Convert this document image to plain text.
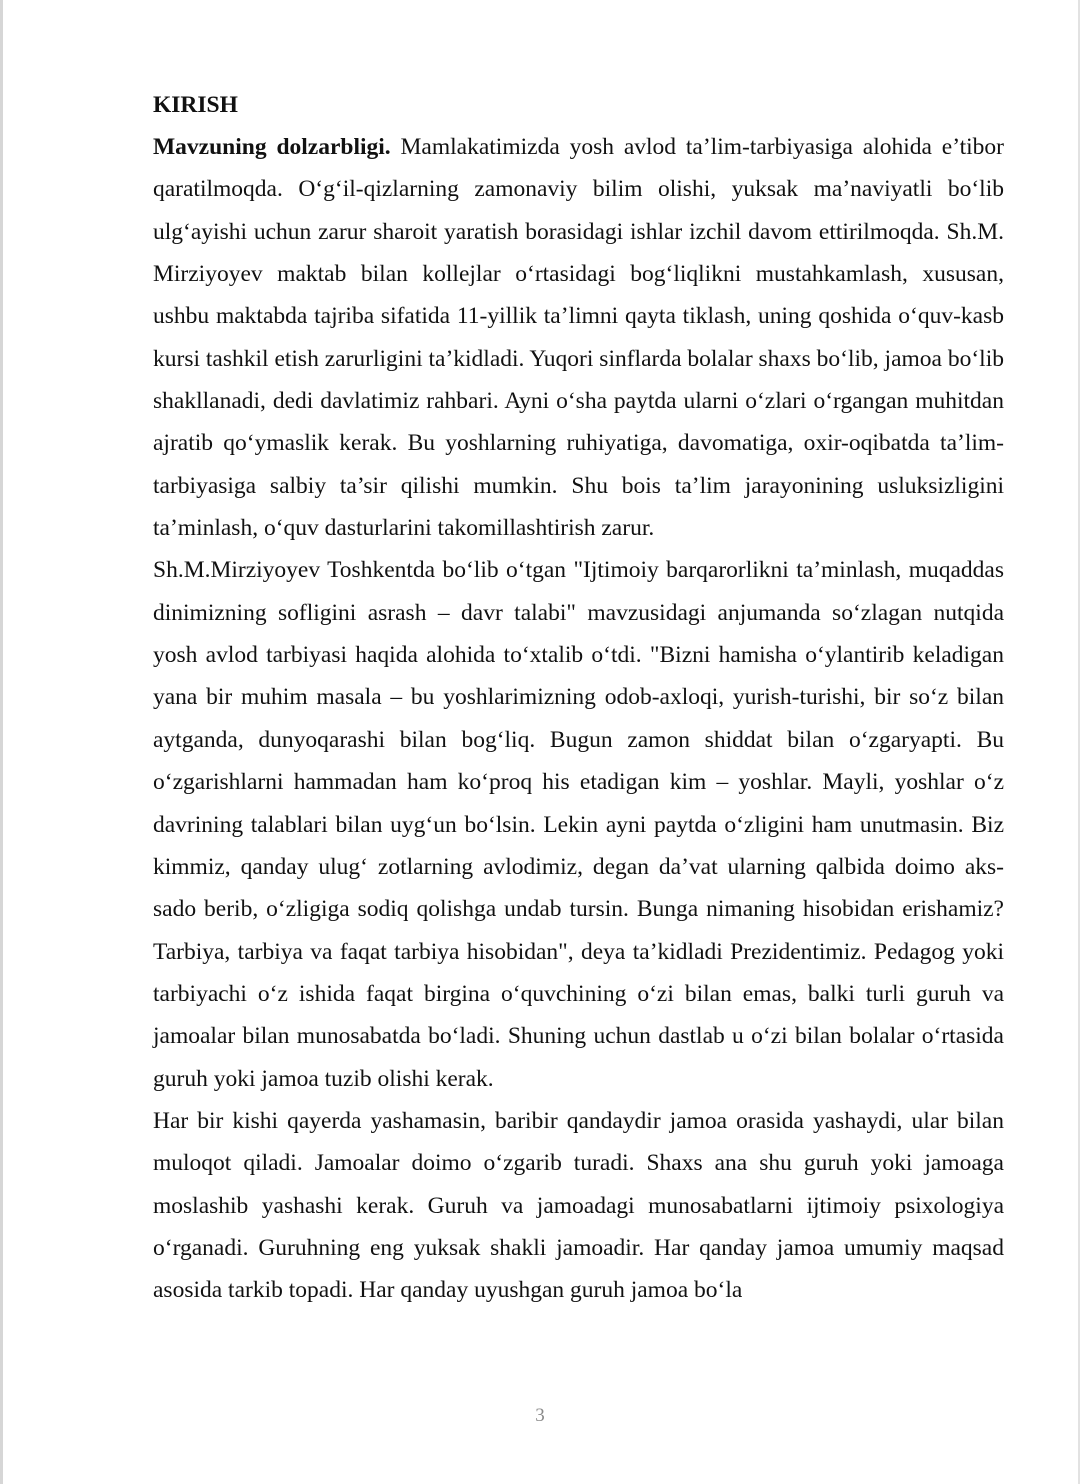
KIRISH

Mavzuning dolzarbligi. Mamlakatimizda yosh avlod ta’lim-tarbiyasiga alohida e’tibor qaratilmoqda. O‘g‘il-qizlarning zamonaviy bilim olishi, yuksak ma’naviyatli bo‘lib ulg‘ayishi uchun zarur sharoit yaratish borasidagi ishlar izchil davom ettirilmoqda. Sh.M. Mirziyoyev maktab bilan kollejlar o‘rtasidagi bog‘liqlikni mustahkamlash, xususan, ushbu maktabda tajriba sifatida 11-yillik ta’limni qayta tiklash, uning qoshida o‘quv-kasb kursi tashkil etish zarurligini ta’kidladi. Yuqori sinflarda bolalar shaxs bo‘lib, jamoa bo‘lib shakllanadi, dedi davlatimiz rahbari. Ayni o‘sha paytda ularni o‘zlari o‘rgangan muhitdan ajratib qo‘ymaslik kerak. Bu yoshlarning ruhiyatiga, davomatiga, oxir-oqibatda ta’lim-tarbiyasiga salbiy ta’sir qilishi mumkin. Shu bois ta’lim jarayonining usluksizligini ta’minlash, o‘quv dasturlarini takomillashtirish zarur.

Sh.M.Mirziyoyev Toshkentda bo‘lib o‘tgan "Ijtimoiy barqarorlikni ta’minlash, muqaddas dinimizning sofligini asrash – davr talabi" mavzusidagi anjumanda so‘zlagan nutqida yosh avlod tarbiyasi haqida alohida to‘xtalib o‘tdi. "Bizni hamisha o‘ylantirib keladigan yana bir muhim masala – bu yoshlarimizning odob-axloqi, yurish-turishi, bir so‘z bilan aytganda, dunyoqarashi bilan bog‘liq. Bugun zamon shiddat bilan o‘zgaryapti. Bu o‘zgarishlarni hammadan ham ko‘proq his etadigan kim – yoshlar. Mayli, yoshlar o‘z davrining talablari bilan uyg‘un bo‘lsin. Lekin ayni paytda o‘zligini ham unutmasin. Biz kimmiz, qanday ulug‘ zotlarning avlodimiz, degan da’vat ularning qalbida doimo aks-sado berib, o‘zligiga sodiq qolishga undab tursin. Bunga nimaning hisobidan erishamiz? Tarbiya, tarbiya va faqat tarbiya hisobidan", deya ta’kidladi Prezidentimiz. Pedagog yoki tarbiyachi o‘z ishida faqat birgina o‘quvchining o‘zi bilan emas, balki turli guruh va jamoalar bilan munosabatda bo‘ladi. Shuning uchun dastlab u o‘zi bilan bolalar o‘rtasida guruh yoki jamoa tuzib olishi kerak.

Har bir kishi qayerda yashamasin, baribir qandaydir jamoa orasida yashaydi, ular bilan muloqot qiladi. Jamoalar doimo o‘zgarib turadi. Shaxs ana shu guruh yoki jamoaga moslashib yashashi kerak. Guruh va jamoadagi munosabatlarni ijtimoiy psixologiya o‘rganadi. Guruhning eng yuksak shakli jamoadir. Har qanday jamoa umumiy maqsad asosida tarkib topadi. Har qanday uyushgan guruh jamoa bo‘la

3
